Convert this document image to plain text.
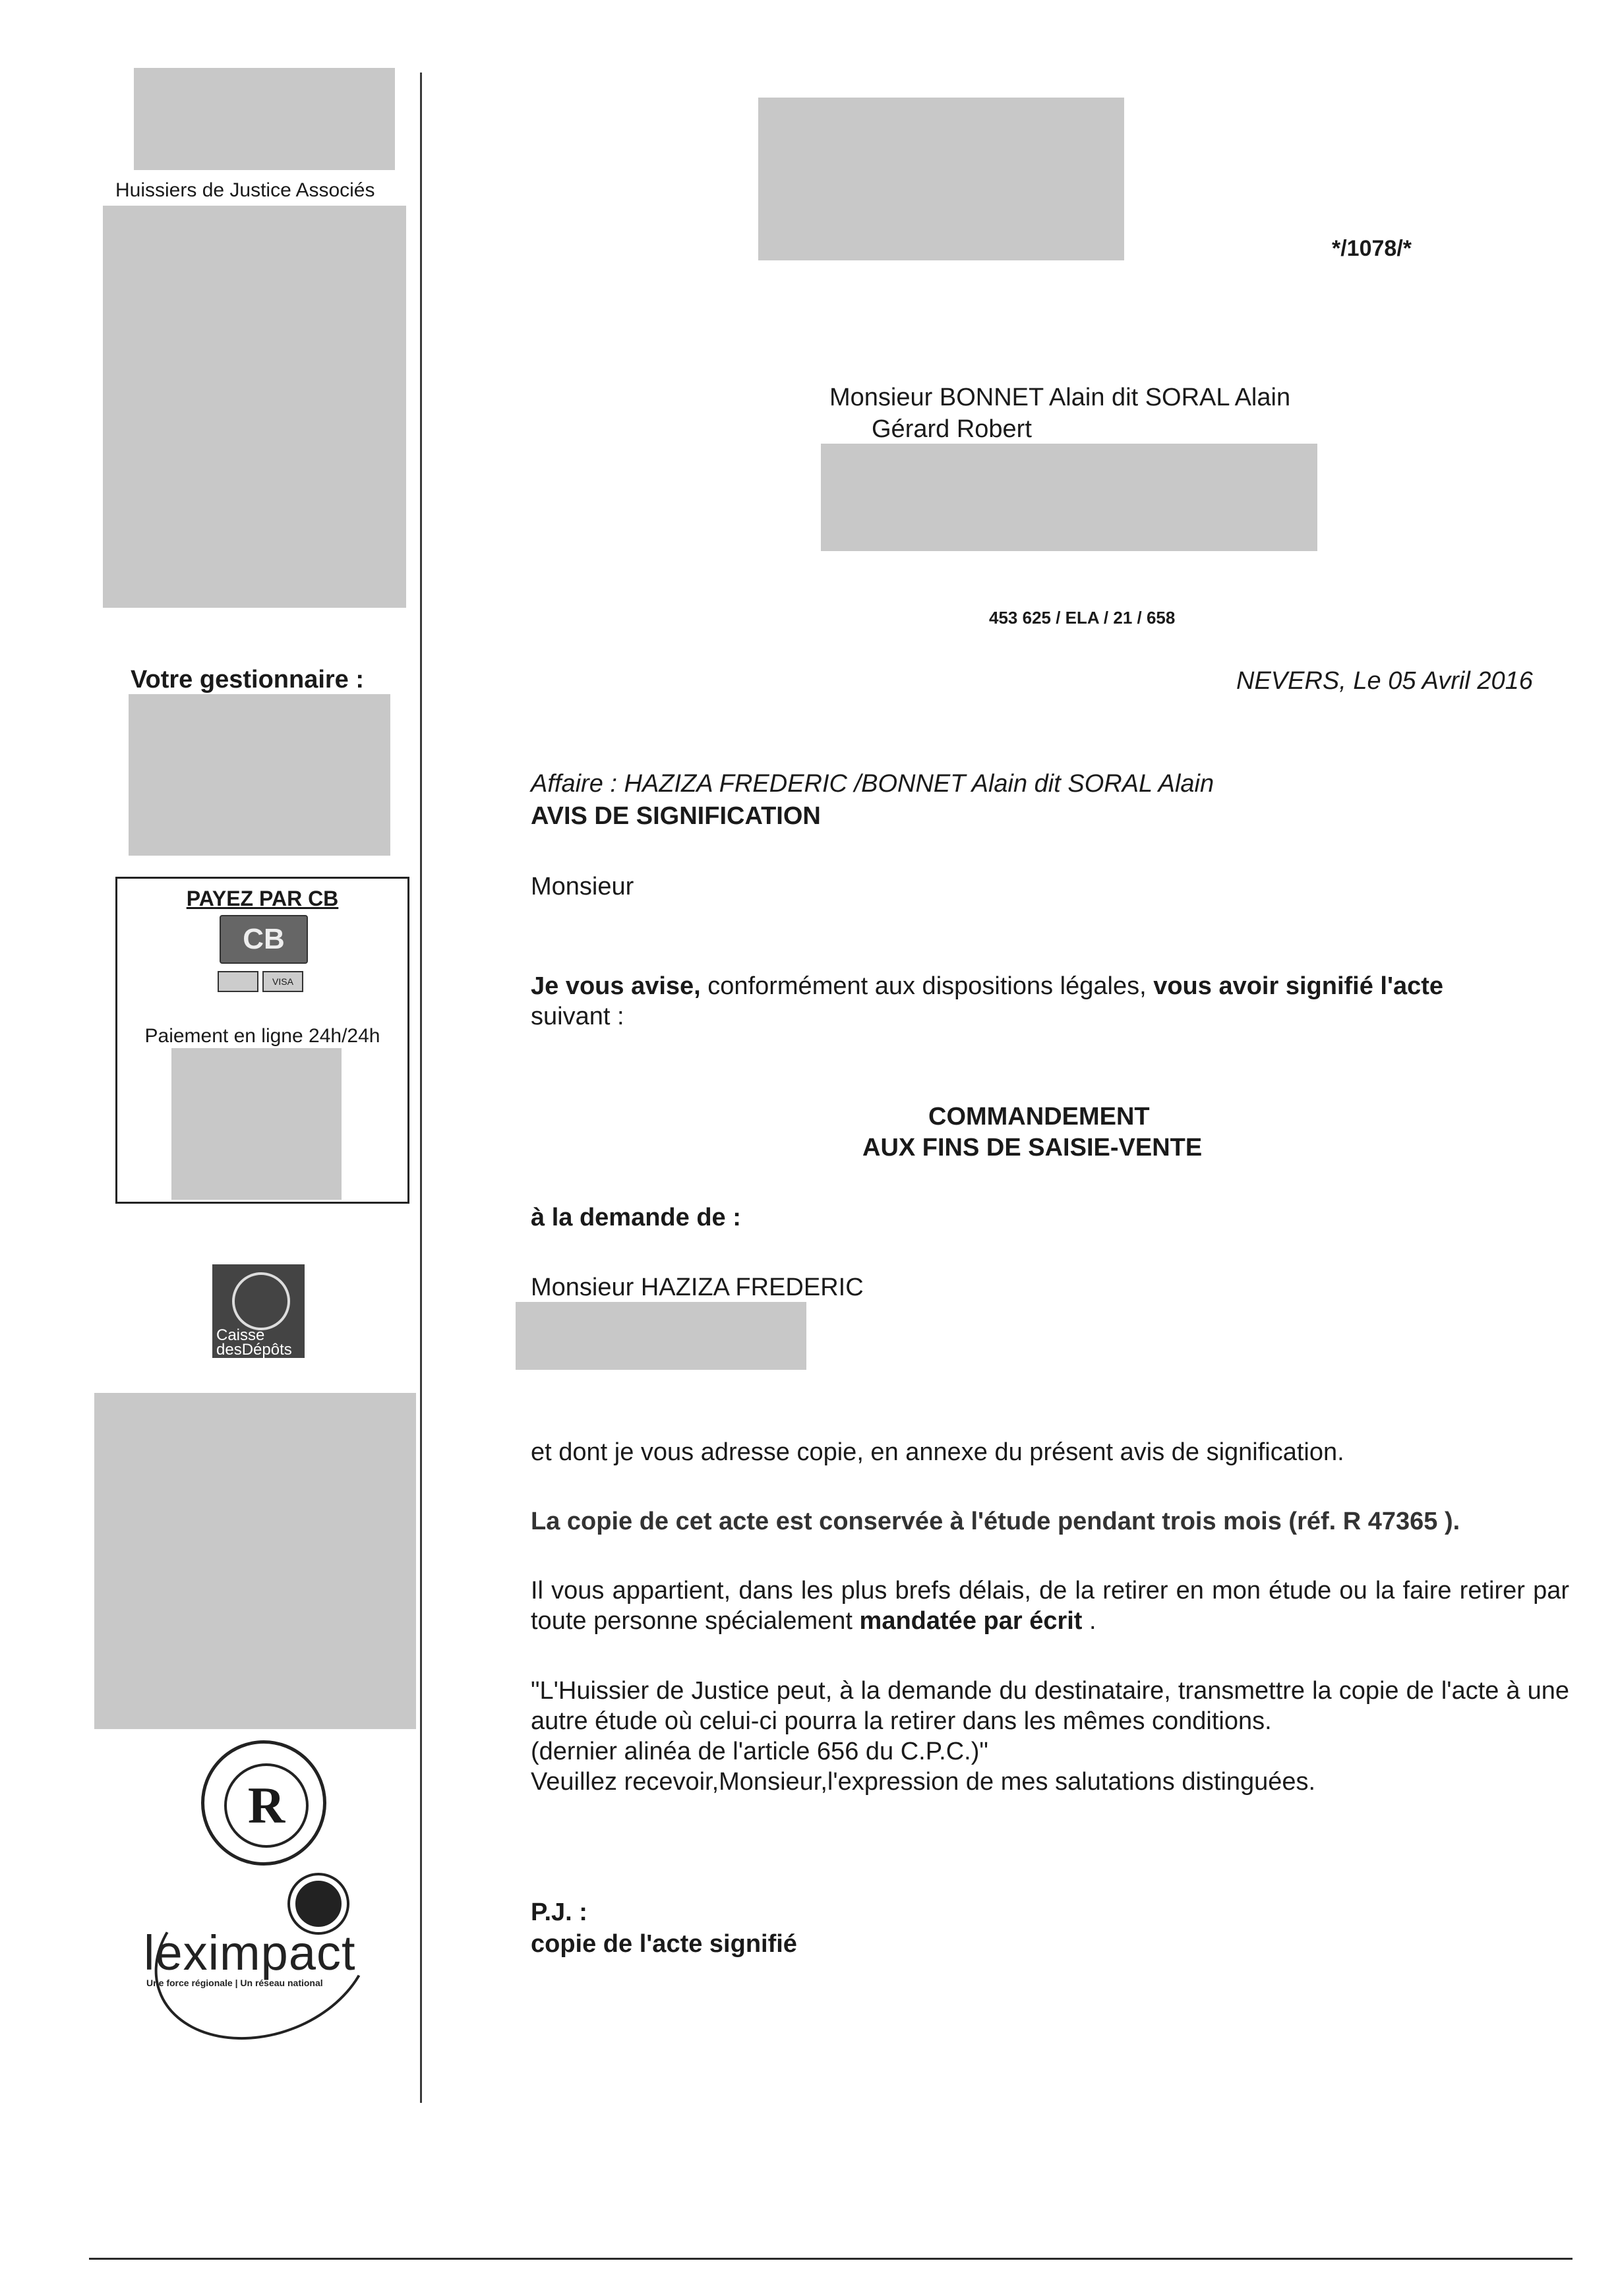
Huissiers de Justice Associés
Votre gestionnaire :
PAYEZ PAR CB
CB
VISA
Paiement en ligne 24h/24h
Caisse
desDépôts
R
leximpact
Une force régionale | Un réseau national
*/1078/*
Monsieur BONNET Alain dit SORAL Alain
Gérard Robert
453 625 / ELA / 21 / 658
NEVERS, Le 05 Avril 2016
Affaire : HAZIZA FREDERIC /BONNET Alain dit SORAL Alain
AVIS DE SIGNIFICATION
Monsieur
Je vous avise, conformément aux dispositions légales, vous avoir signifié l'acte
suivant :
COMMANDEMENT
AUX FINS DE SAISIE-VENTE
à la demande de :
Monsieur HAZIZA FREDERIC
et dont je vous adresse copie, en annexe du présent avis de signification.
La copie de cet acte est conservée à l'étude pendant trois mois (réf. R 47365 ).
Il vous appartient, dans les plus brefs délais, de la retirer en mon étude ou la faire retirer par toute personne spécialement mandatée par écrit .
"L'Huissier de Justice peut, à la demande du destinataire, transmettre la copie de l'acte à une autre étude où celui-ci pourra la retirer dans les mêmes conditions.
(dernier alinéa de l'article 656 du C.P.C.)"
Veuillez recevoir,Monsieur,l'expression de mes salutations distinguées.
P.J. :
copie de l'acte signifié
